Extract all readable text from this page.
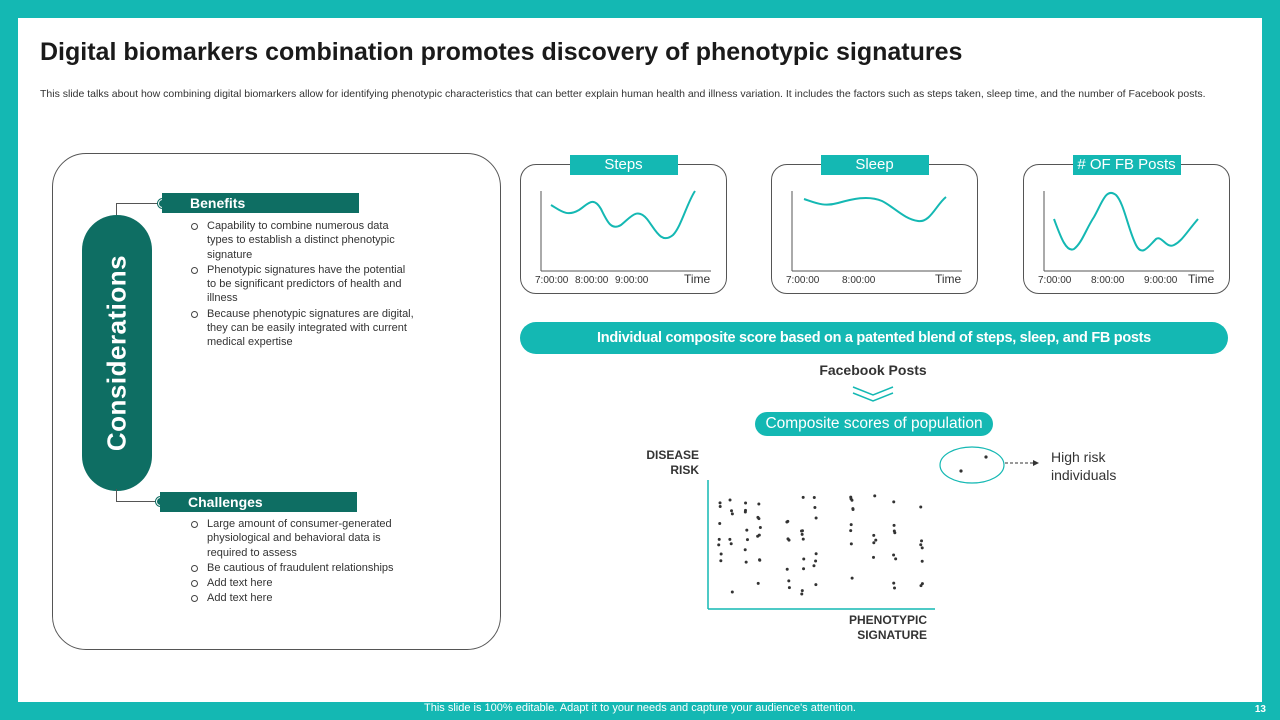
Digital biomarkers combination promotes discovery of phenotypic signatures
This slide talks about how combining digital biomarkers allow for identifying phenotypic characteristics that can better explain human health and illness variation. It includes the factors such as steps taken, sleep time, and the number of Facebook posts.
Considerations
Benefits
Capability to combine numerous data types to establish a distinct phenotypic signature
Phenotypic signatures have the potential to be significant predictors of health and illness
Because phenotypic signatures are digital, they can be easily integrated with current medical expertise
Challenges
Large amount of consumer-generated physiological and behavioral data is required to assess
Be cautious of fraudulent relationships
Add text here
Add text here
Steps
7:00:00 8:00:00 9:00:00	Time
Sleep
7:00:00 8:00:00	Time
# OF FB Posts
7:00:00 8:00:00 9:00:00 Time
Individual composite score based on a patented blend of steps, sleep, and FB posts
Facebook Posts
Composite scores of population
DISEASE
RISK
PHENOTYPIC
SIGNATURE
High risk
individuals
This slide is 100% editable. Adapt it to your needs and capture your audience's attention.	13
